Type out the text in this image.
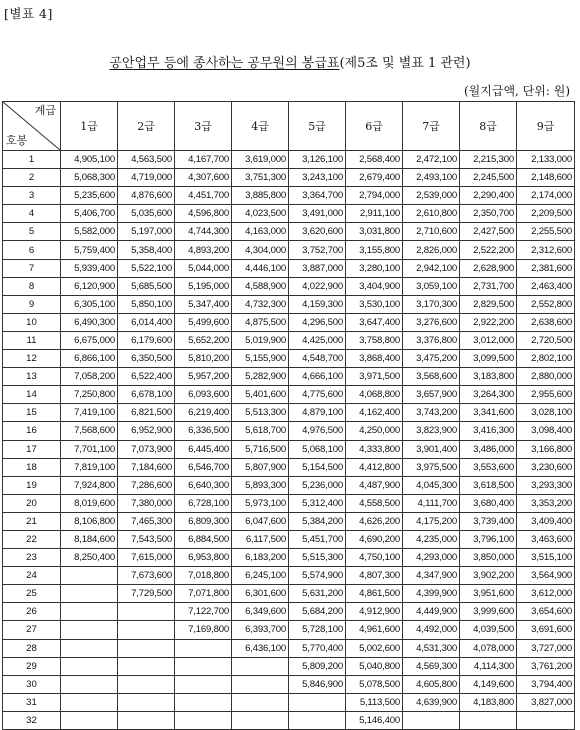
[별표 4]
공안업무 등에 종사하는 공무원의 봉급표(제5조 및 별표 1 관련)
(월지급액, 단위: 원)
계급
호봉	1급	2급	3급	4급	5급	6급	7급	8급	9급
1	4,905,100	4,563,500	4,167,700	3,619,000	3,126,100	2,568,400	2,472,100	2,215,300	2,133,000
2	5,068,300	4,719,000	4,307,600	3,751,300	3,243,100	2,679,400	2,493,100	2,245,500	2,148,600
3	5,235,600	4,876,600	4,451,700	3,885,800	3,364,700	2,794,000	2,539,000	2,290,400	2,174,000
4	5,406,700	5,035,600	4,596,800	4,023,500	3,491,000	2,911,100	2,610,800	2,350,700	2,209,500
5	5,582,000	5,197,000	4,744,300	4,163,000	3,620,600	3,031,800	2,710,600	2,427,500	2,255,500
6	5,759,400	5,358,400	4,893,200	4,304,000	3,752,700	3,155,800	2,826,000	2,522,200	2,312,600
7	5,939,400	5,522,100	5,044,000	4,446,100	3,887,000	3,280,100	2,942,100	2,628,900	2,381,600
8	6,120,900	5,685,500	5,195,000	4,588,900	4,022,900	3,404,900	3,059,100	2,731,700	2,463,400
9	6,305,100	5,850,100	5,347,400	4,732,300	4,159,300	3,530,100	3,170,300	2,829,500	2,552,800
10	6,490,300	6,014,400	5,499,600	4,875,500	4,296,500	3,647,400	3,276,600	2,922,200	2,638,600
11	6,675,000	6,179,600	5,652,200	5,019,900	4,425,000	3,758,800	3,376,800	3,012,000	2,720,500
12	6,866,100	6,350,500	5,810,200	5,155,900	4,548,700	3,868,400	3,475,200	3,099,500	2,802,100
13	7,058,200	6,522,400	5,957,200	5,282,900	4,666,100	3,971,500	3,568,600	3,183,800	2,880,000
14	7,250,800	6,678,100	6,093,600	5,401,600	4,775,600	4,068,800	3,657,900	3,264,300	2,955,600
15	7,419,100	6,821,500	6,219,400	5,513,300	4,879,100	4,162,400	3,743,200	3,341,600	3,028,100
16	7,568,600	6,952,900	6,336,500	5,618,700	4,976,500	4,250,000	3,823,900	3,416,300	3,098,400
17	7,701,100	7,073,900	6,445,400	5,716,500	5,068,100	4,333,800	3,901,400	3,486,000	3,166,800
18	7,819,100	7,184,600	6,546,700	5,807,900	5,154,500	4,412,800	3,975,500	3,553,600	3,230,600
19	7,924,800	7,286,600	6,640,300	5,893,300	5,236,000	4,487,900	4,045,300	3,618,500	3,293,300
20	8,019,600	7,380,000	6,728,100	5,973,100	5,312,400	4,558,500	4,111,700	3,680,400	3,353,200
21	8,106,800	7,465,300	6,809,300	6,047,600	5,384,200	4,626,200	4,175,200	3,739,400	3,409,400
22	8,184,600	7,543,500	6,884,500	6,117,500	5,451,700	4,690,200	4,235,000	3,796,100	3,463,600
23	8,250,400	7,615,000	6,953,800	6,183,200	5,515,300	4,750,100	4,293,000	3,850,000	3,515,100
24		7,673,600	7,018,800	6,245,100	5,574,900	4,807,300	4,347,900	3,902,200	3,564,900
25		7,729,500	7,071,800	6,301,600	5,631,200	4,861,500	4,399,900	3,951,600	3,612,000
26			7,122,700	6,349,600	5,684,200	4,912,900	4,449,900	3,999,600	3,654,600
27			7,169,800	6,393,700	5,728,100	4,961,600	4,492,000	4,039,500	3,691,600
28				6,436,100	5,770,400	5,002,600	4,531,300	4,078,000	3,727,000
29					5,809,200	5,040,800	4,569,300	4,114,300	3,761,200
30					5,846,900	5,078,500	4,605,800	4,149,600	3,794,400
31						5,113,500	4,639,900	4,183,800	3,827,000
32						5,146,400			
